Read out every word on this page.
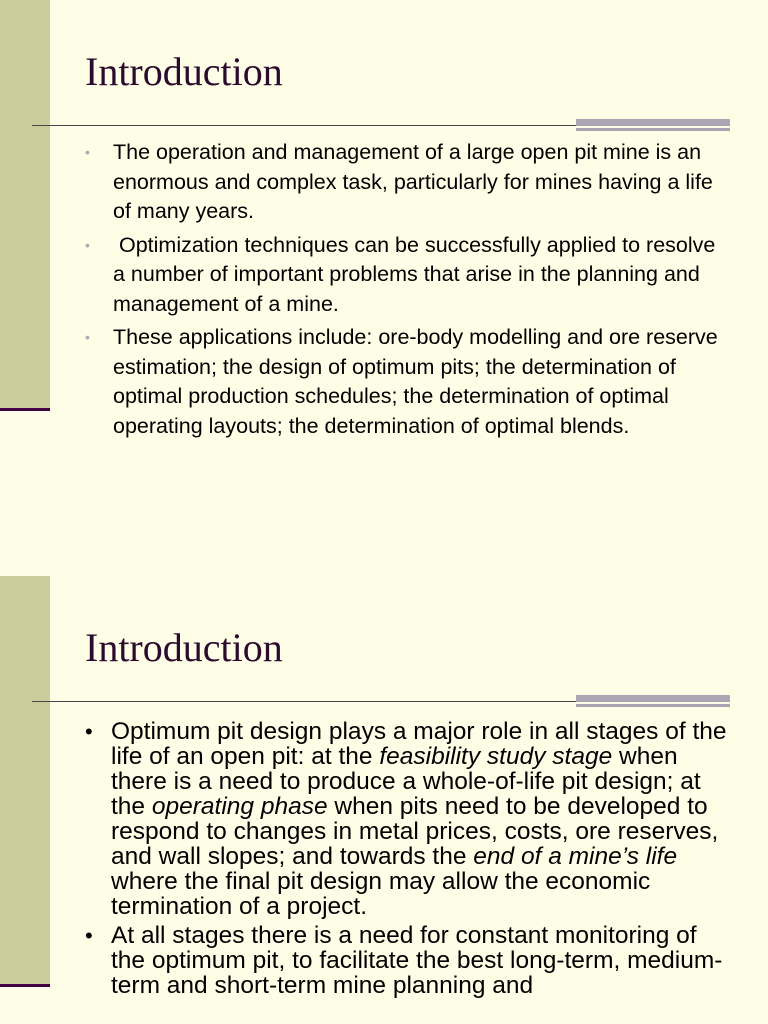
Introduction
• The operation and management of a large open pit mine is an enormous and complex task, particularly for mines having a life of many years.
• Optimization techniques can be successfully applied to resolve a number of important problems that arise in the planning and management of a mine.
• These applications include: ore-body modelling and ore reserve estimation; the design of optimum pits; the determination of optimal production schedules; the determination of optimal operating layouts; the determination of optimal blends.
Introduction
• Optimum pit design plays a major role in all stages of the life of an open pit: at the feasibility study stage when there is a need to produce a whole-of-life pit design; at the operating phase when pits need to be developed to respond to changes in metal prices, costs, ore reserves, and wall slopes; and towards the end of a mine’s life where the final pit design may allow the economic termination of a project.
• At all stages there is a need for constant monitoring of the optimum pit, to facilitate the best long-term, medium-term and short-term mine planning and
